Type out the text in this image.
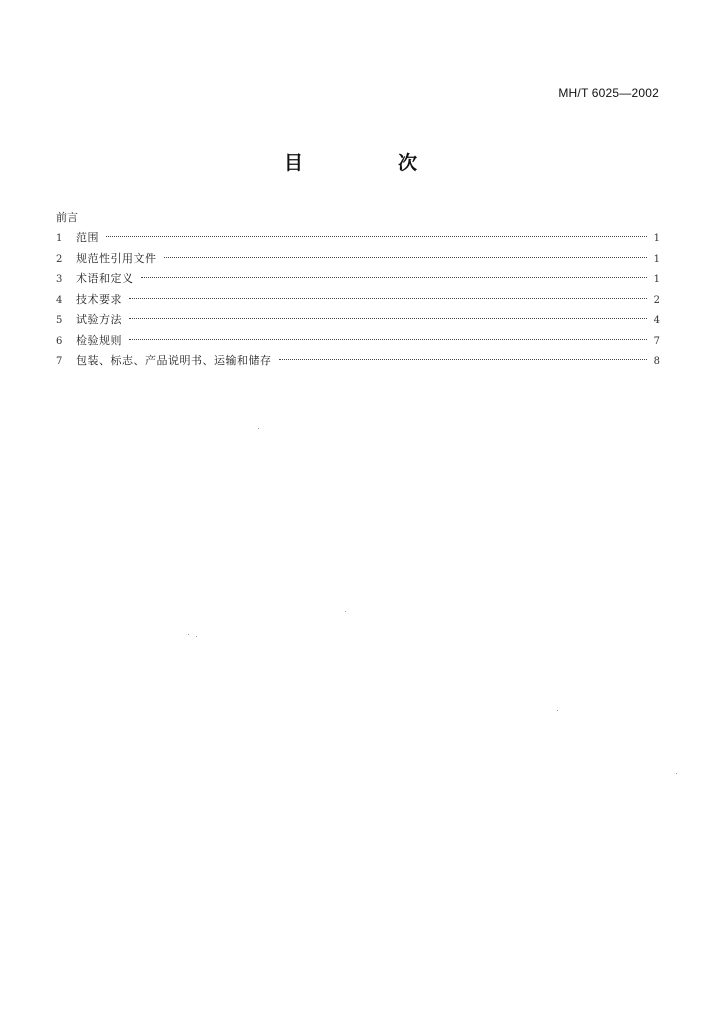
MH/T 6025—2002
目　次
前言
1	范围	1
2	规范性引用文件	1
3	术语和定义	1
4	技术要求	2
5	试验方法	4
6	检验规则	7
7	包装、标志、产品说明书、运输和储存	8
